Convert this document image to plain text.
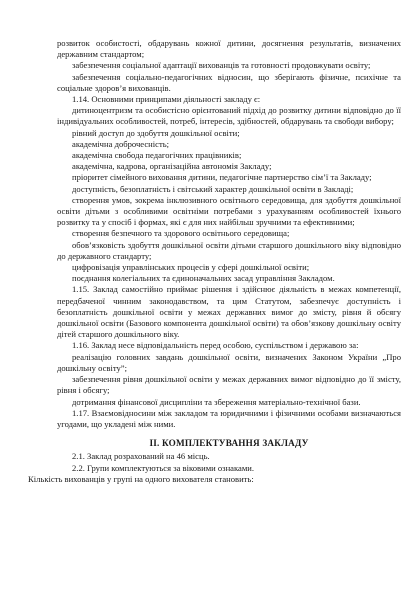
розвиток особистості, обдарувань кожної дитини, досягнення результатів, визначених державним стандартом;

забезпечення соціальної адаптації вихованців та готовності продовжувати освіту;

забезпечення соціально-педагогічних відносин, що зберігають фізичне, психічне та соціальне здоров’я вихованців.

1.14. Основними принципами діяльності закладу є:

дитиноцентризм та особистісно орієнтований підхід до розвитку дитини відповідно до її індивідуальних особливостей, потреб, інтересів, здібностей, обдарувань та свободи вибору;

рівний доступ до здобуття дошкільної освіти;

академічна доброчесність;

академічна свобода педагогічних працівників;

академічна, кадрова, організаційна автономія Закладу;

пріоритет сімейного виховання дитини, педагогічне партнерство сім’ї та Закладу;

доступність, безоплатність і світський характер дошкільної освіти в Закладі;

створення умов, зокрема інклюзивного освітнього середовища, для здобуття дошкільної освіти дітьми з особливими освітніми потребами з урахуванням особливостей їхнього розвитку та у спосіб і формах, які є для них найбільш зручними та ефективними;

створення безпечного та здорового освітнього середовища;

обов’язковість здобуття дошкільної освіти дітьми старшого дошкільного віку відповідно до державного стандарту;

цифровізація управлінських процесів у сфері дошкільної освіти;

поєднання колегіальних та єдиноначальних засад управління Закладом.

1.15. Заклад самостійно приймає рішення і здійснює діяльність в межах компетенції, передбаченої чинним законодавством, та цим Статутом, забезпечує доступність і безоплатність дошкільної освіти у межах державних вимог до змісту, рівня й обсягу дошкільної освіти (Базового компонента дошкільної освіти) та обов’язкову дошкільну освіту дітей старшого дошкільного віку.

1.16. Заклад несе відповідальність перед особою, суспільством і державою за:

реалізацію головних завдань дошкільної освіти, визначених Законом України „Про дошкільну освіту”;

забезпечення рівня дошкільної освіти у межах державних вимог відповідно до її змісту, рівня і обсягу;

дотримання фінансової дисципліни та збереження матеріально-технічної бази.

1.17. Взаємовідносини між закладом та юридичними і фізичними особами визначаються угодами, що укладені між ними.

ІІ. КОМПЛЕКТУВАННЯ ЗАКЛАДУ

2.1. Заклад розрахований на 46 місць.

2.2. Групи комплектуються за віковими ознаками.

Кількість вихованців у групі на одного вихователя становить:
